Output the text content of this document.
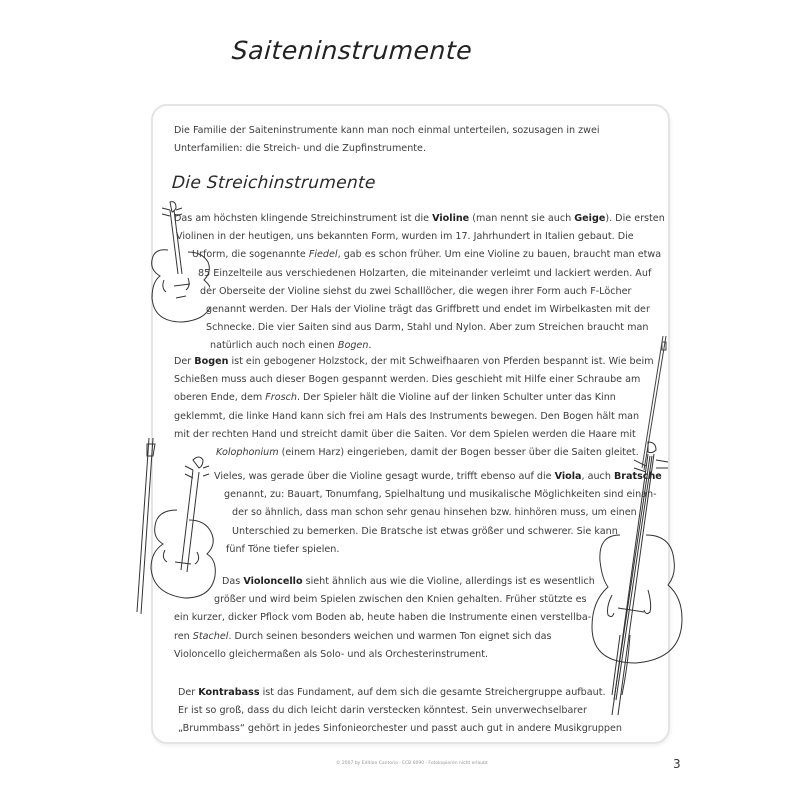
Saiteninstrumente
Die Familie der Saiteninstrumente kann man noch einmal unterteilen, sozusagen in zwei
Unterfamilien: die Streich- und die Zupfinstrumente.
Die Streichinstrumente
Das am höchsten klingende Streichinstrument ist die Violine (man nennt sie auch Geige). Die ersten
Violinen in der heutigen, uns bekannten Form, wurden im 17. Jahrhundert in Italien gebaut. Die
Urform, die sogenannte Fiedel, gab es schon früher. Um eine Violine zu bauen, braucht man etwa
85 Einzelteile aus verschiedenen Holzarten, die miteinander verleimt und lackiert werden. Auf
der Oberseite der Violine siehst du zwei Schalllöcher, die wegen ihrer Form auch F-Löcher
genannt werden. Der Hals der Violine trägt das Griffbrett und endet im Wirbelkasten mit der
Schnecke. Die vier Saiten sind aus Darm, Stahl und Nylon. Aber zum Streichen braucht man
natürlich auch noch einen Bogen.
Der Bogen ist ein gebogener Holzstock, der mit Schweifhaaren von Pferden bespannt ist. Wie beim
Schießen muss auch dieser Bogen gespannt werden. Dies geschieht mit Hilfe einer Schraube am
oberen Ende, dem Frosch. Der Spieler hält die Violine auf der linken Schulter unter das Kinn
geklemmt, die linke Hand kann sich frei am Hals des Instruments bewegen. Den Bogen hält man
mit der rechten Hand und streicht damit über die Saiten. Vor dem Spielen werden die Haare mit
Kolophonium (einem Harz) eingerieben, damit der Bogen besser über die Saiten gleitet.
Vieles, was gerade über die Violine gesagt wurde, trifft ebenso auf die Viola, auch Bratsche
genannt, zu: Bauart, Tonumfang, Spielhaltung und musikalische Möglichkeiten sind einan-
der so ähnlich, dass man schon sehr genau hinsehen bzw. hinhören muss, um einen
Unterschied zu bemerken. Die Bratsche ist etwas größer und schwerer. Sie kann
fünf Töne tiefer spielen.
Das Violoncello sieht ähnlich aus wie die Violine, allerdings ist es wesentlich
größer und wird beim Spielen zwischen den Knien gehalten. Früher stützte es
ein kurzer, dicker Pflock vom Boden ab, heute haben die Instrumente einen verstellba-
ren Stachel. Durch seinen besonders weichen und warmen Ton eignet sich das
Violoncello gleichermaßen als Solo- und als Orchesterinstrument.
Der Kontrabass ist das Fundament, auf dem sich die gesamte Streichergruppe aufbaut.
Er ist so groß, dass du dich leicht darin verstecken könntest. Sein unverwechselbarer
„Brummbass“ gehört in jedes Sinfonieorchester und passt auch gut in andere Musikgruppen
© 2007 by Edition Cantorio · ECB 6090 · Fotokopieren nicht erlaubt	3
